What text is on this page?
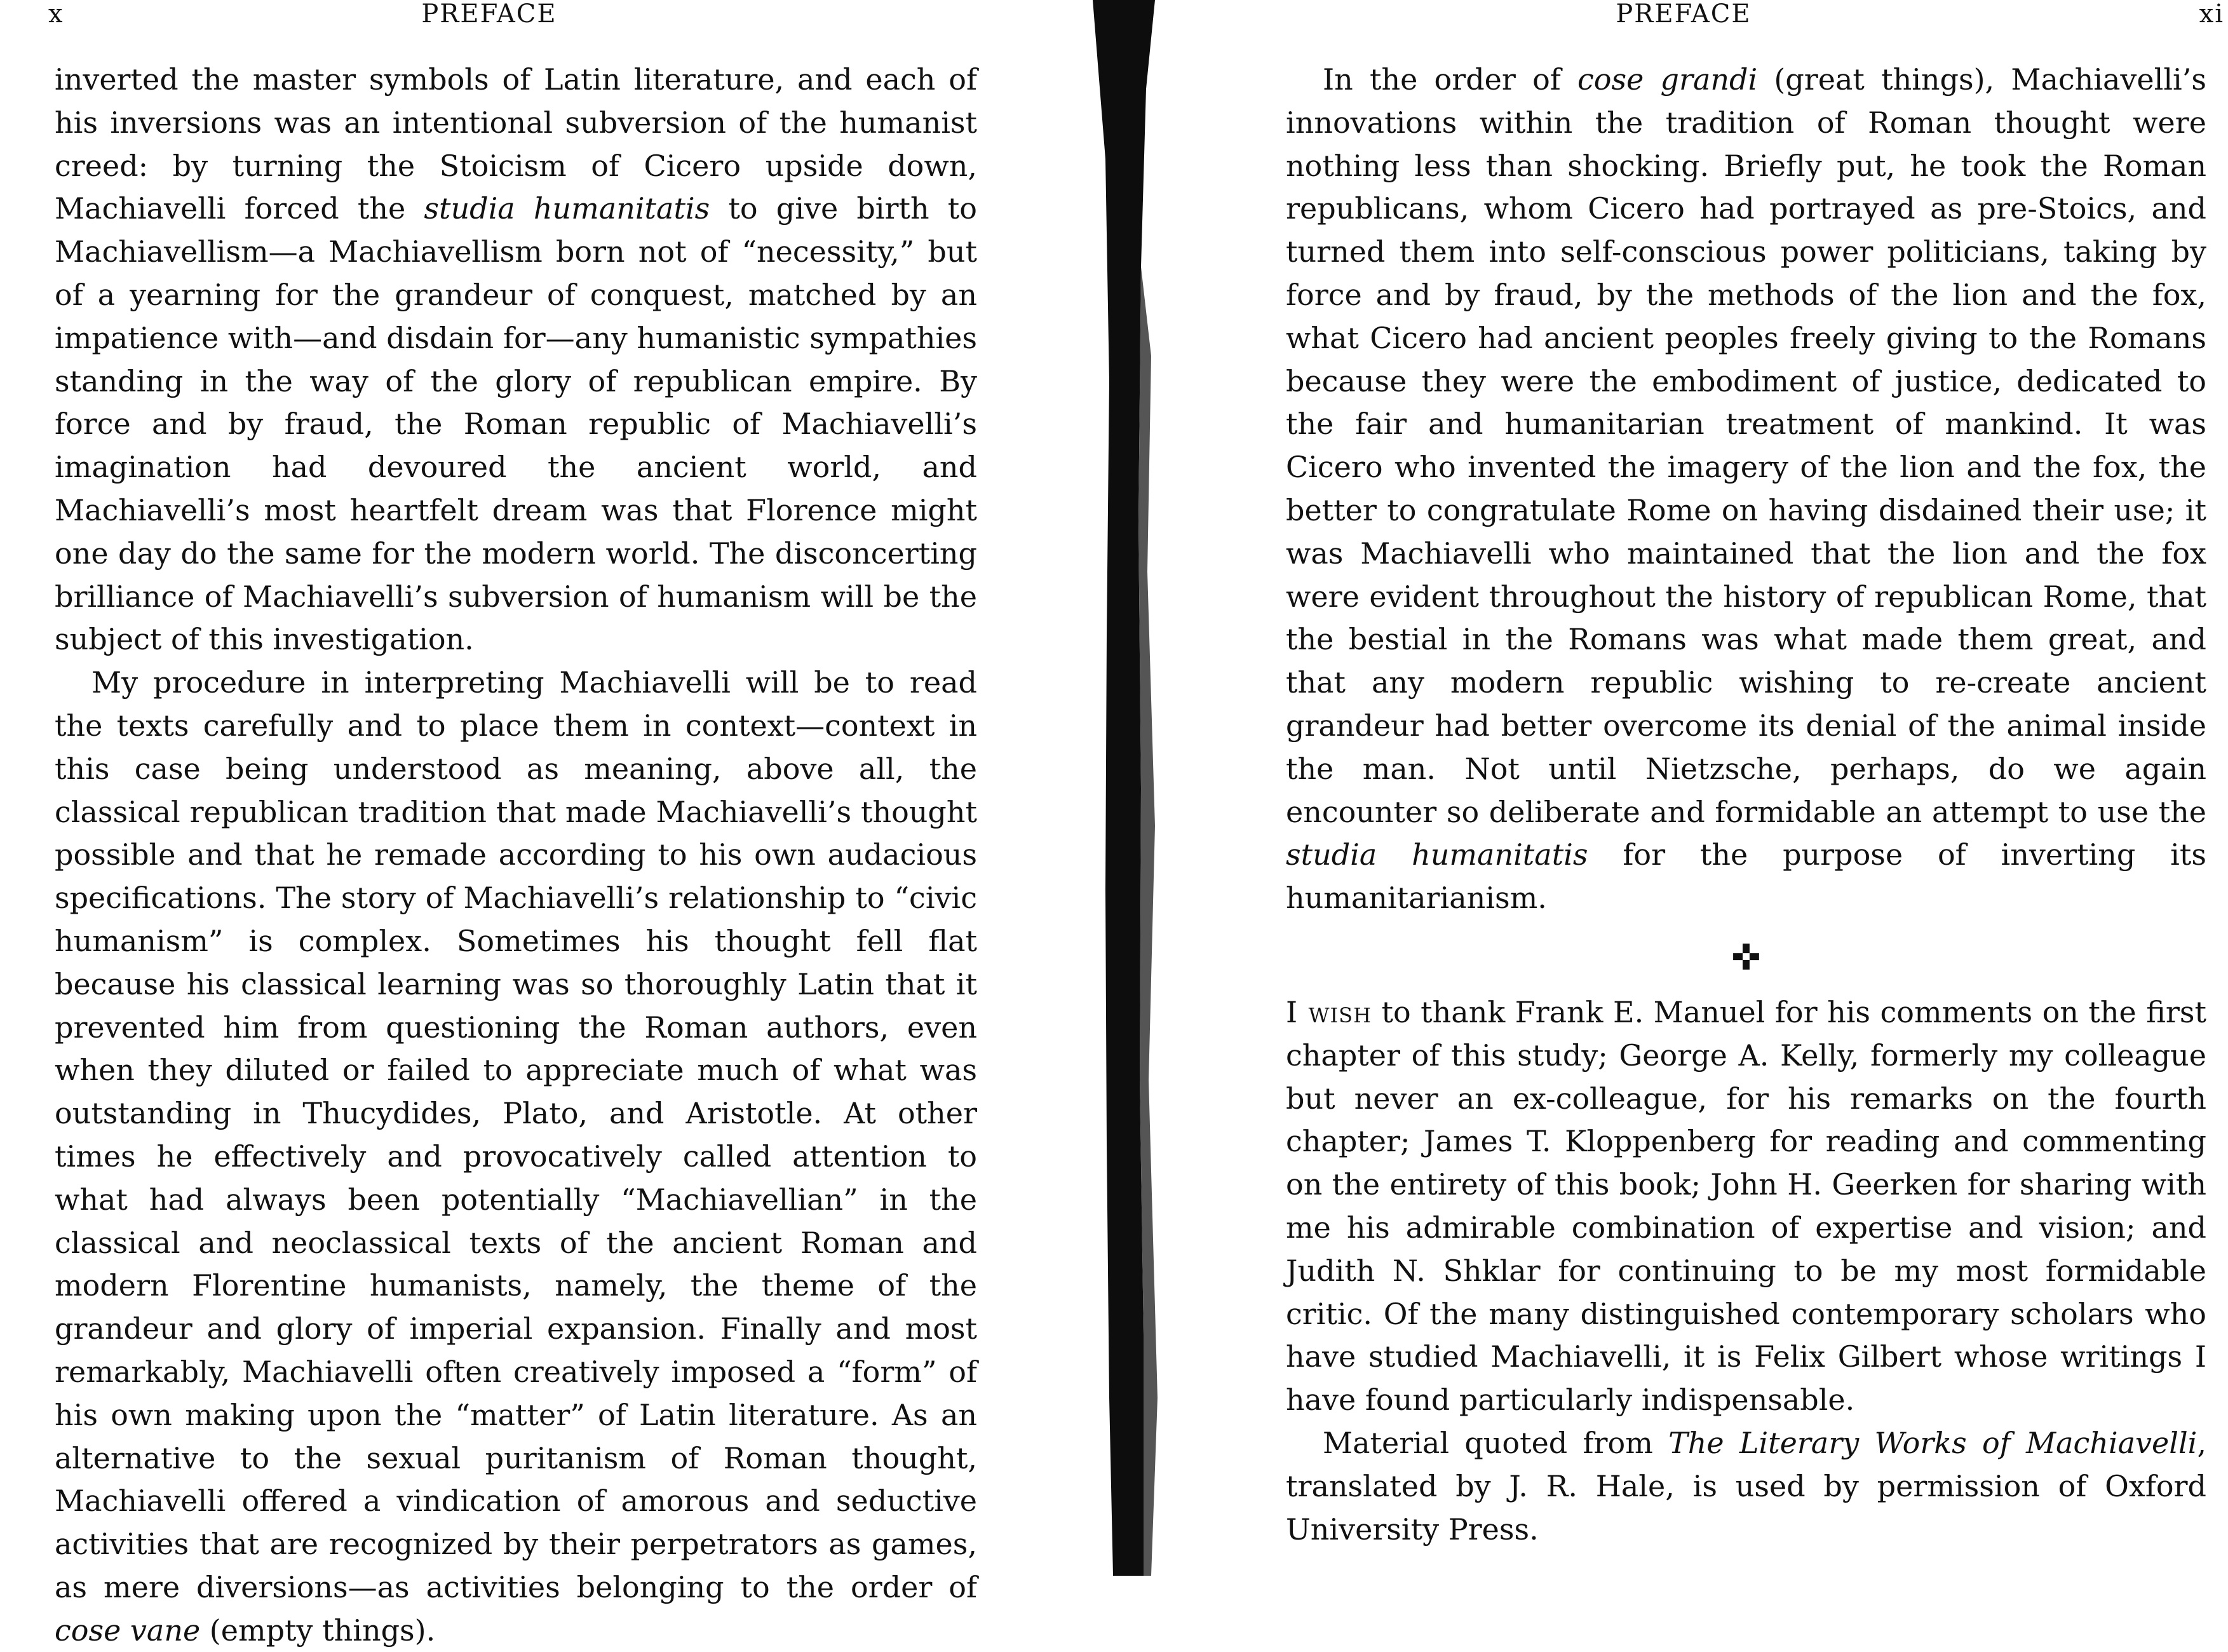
x	PREFACE

inverted the master symbols of Latin literature, and each of his inversions was an intentional subversion of the humanist creed: by turning the Stoicism of Cicero upside down, Machiavelli forced the studia humanitatis to give birth to Machiavellism—a Machiavellism born not of “necessity,” but of a yearning for the grandeur of conquest, matched by an impatience with—and disdain for—any humanistic sympathies standing in the way of the glory of republican empire. By force and by fraud, the Roman republic of Machiavelli’s imagination had devoured the ancient world, and Machiavelli’s most heartfelt dream was that Florence might one day do the same for the modern world. The disconcerting brilliance of Machiavelli’s subversion of humanism will be the subject of this investigation.

My procedure in interpreting Machiavelli will be to read the texts carefully and to place them in context—context in this case being understood as meaning, above all, the classical republican tradition that made Machiavelli’s thought possible and that he remade according to his own audacious specifications. The story of Machiavelli’s relationship to “civic humanism” is complex. Sometimes his thought fell flat because his classical learning was so thoroughly Latin that it prevented him from questioning the Roman authors, even when they diluted or failed to appreciate much of what was outstanding in Thucydides, Plato, and Aristotle. At other times he effectively and provocatively called attention to what had always been potentially “Machiavellian” in the classical and neoclassical texts of the ancient Roman and modern Florentine humanists, namely, the theme of the grandeur and glory of imperial expansion. Finally and most remarkably, Machiavelli often creatively imposed a “form” of his own making upon the “matter” of Latin literature. As an alternative to the sexual puritanism of Roman thought, Machiavelli offered a vindication of amorous and seductive activities that are recognized by their perpetrators as games, as mere diversions—as activities belonging to the order of cose vane (empty things).

PREFACE	xi

In the order of cose grandi (great things), Machiavelli’s innovations within the tradition of Roman thought were nothing less than shocking. Briefly put, he took the Roman republicans, whom Cicero had portrayed as pre-Stoics, and turned them into self-conscious power politicians, taking by force and by fraud, by the methods of the lion and the fox, what Cicero had ancient peoples freely giving to the Romans because they were the embodiment of justice, dedicated to the fair and humanitarian treatment of mankind. It was Cicero who invented the imagery of the lion and the fox, the better to congratulate Rome on having disdained their use; it was Machiavelli who maintained that the lion and the fox were evident throughout the history of republican Rome, that the bestial in the Romans was what made them great, and that any modern republic wishing to re-create ancient grandeur had better overcome its denial of the animal inside the man. Not until Nietzsche, perhaps, do we again encounter so deliberate and formidable an attempt to use the studia humanitatis for the purpose of inverting its humanitarianism.

✜

I wish to thank Frank E. Manuel for his comments on the first chapter of this study; George A. Kelly, formerly my colleague but never an ex-colleague, for his remarks on the fourth chapter; James T. Kloppenberg for reading and commenting on the entirety of this book; John H. Geerken for sharing with me his admirable combination of expertise and vision; and Judith N. Shklar for continuing to be my most formidable critic. Of the many distinguished contemporary scholars who have studied Machiavelli, it is Felix Gilbert whose writings I have found particularly indispensable.

Material quoted from The Literary Works of Machiavelli, translated by J. R. Hale, is used by permission of Oxford University Press.
